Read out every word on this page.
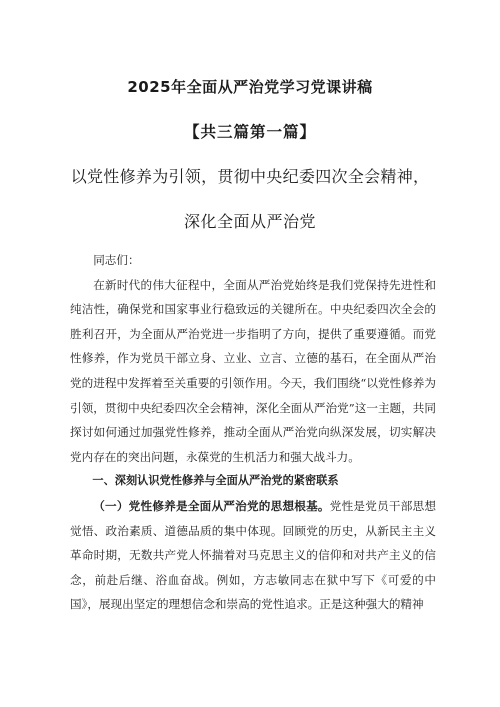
2025年全面从严治党学习党课讲稿
【共三篇第一篇】
以党性修养为引领，贯彻中央纪委四次全会精神，
深化全面从严治党

同志们：

在新时代的伟大征程中，全面从严治党始终是我们党保持先进性和纯洁性，确保党和国家事业行稳致远的关键所在。中央纪委四次全会的胜利召开，为全面从严治党进一步指明了方向，提供了重要遵循。而党性修养，作为党员干部立身、立业、立言、立德的基石，在全面从严治党的进程中发挥着至关重要的引领作用。今天，我们围绕“以党性修养为引领，贯彻中央纪委四次全会精神，深化全面从严治党”这一主题，共同探讨如何通过加强党性修养，推动全面从严治党向纵深发展，切实解决党内存在的突出问题，永葆党的生机活力和强大战斗力。

一、深刻认识党性修养与全面从严治党的紧密联系

（一）党性修养是全面从严治党的思想根基。党性是党员干部思想觉悟、政治素质、道德品质的集中体现。回顾党的历史，从新民主主义革命时期，无数共产党人怀揣着对马克思主义的信仰和对共产主义的信念，前赴后继、浴血奋战。例如，方志敏同志在狱中写下《可爱的中国》，展现出坚定的理想信念和崇高的党性追求。正是这种强大的精神
